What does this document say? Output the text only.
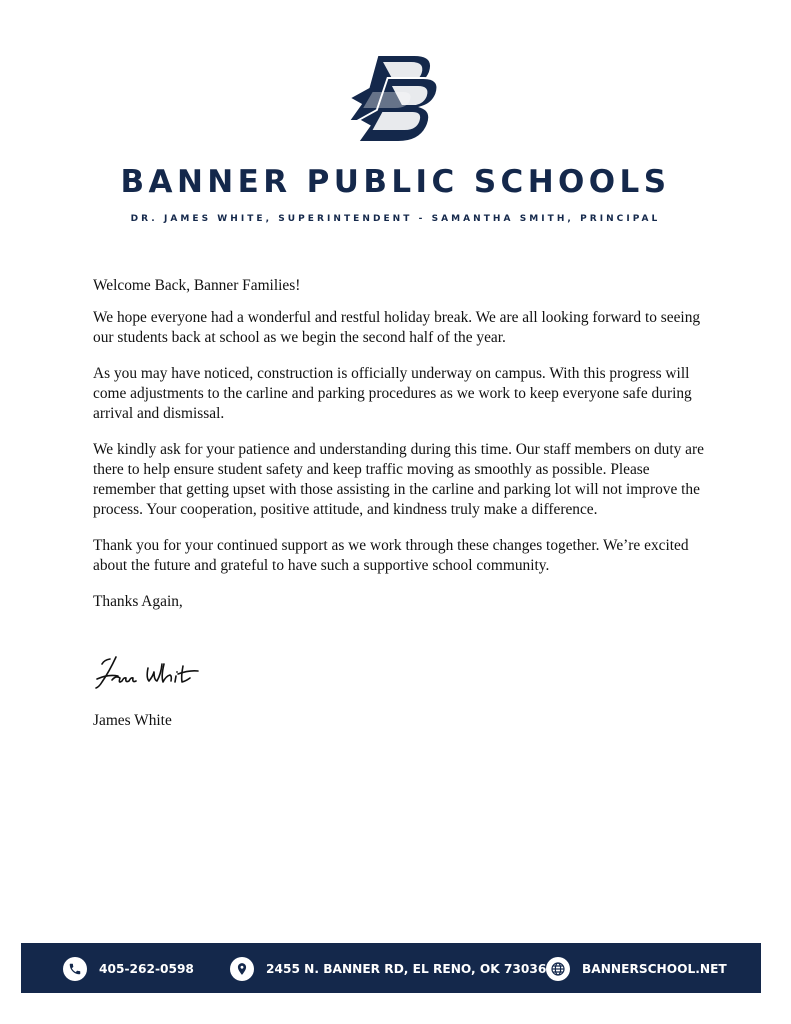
BANNER PUBLIC SCHOOLS
DR. JAMES WHITE, SUPERINTENDENT - SAMANTHA SMITH, PRINCIPAL

Welcome Back, Banner Families!

We hope everyone had a wonderful and restful holiday break. We are all looking forward to seeing our students back at school as we begin the second half of the year.

As you may have noticed, construction is officially underway on campus. With this progress will come adjustments to the carline and parking procedures as we work to keep everyone safe during arrival and dismissal.

We kindly ask for your patience and understanding during this time. Our staff members on duty are there to help ensure student safety and keep traffic moving as smoothly as possible. Please remember that getting upset with those assisting in the carline and parking lot will not improve the process. Your cooperation, positive attitude, and kindness truly make a difference.

Thank you for your continued support as we work through these changes together. We’re excited about the future and grateful to have such a supportive school community.

Thanks Again,

James White
405-262-0598	2455 N. BANNER RD, EL RENO, OK 73036	BANNERSCHOOL.NET
